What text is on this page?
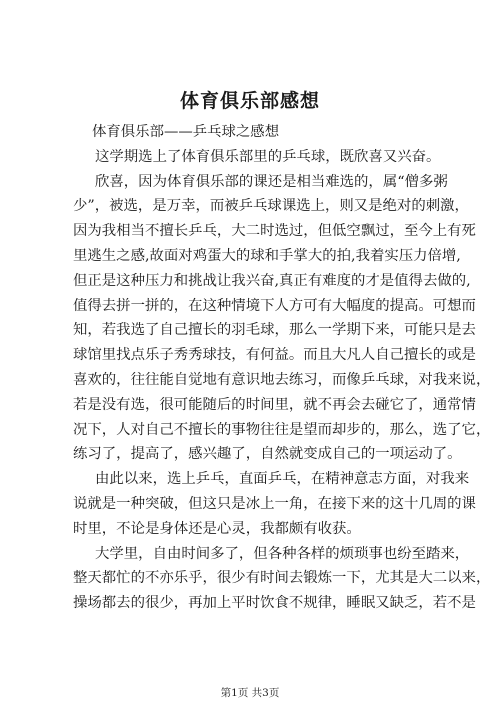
体育俱乐部感想
体育俱乐部——乒乓球之感想
这学期选上了体育俱乐部里的乒乓球，既欣喜又兴奋。
欣喜，因为体育俱乐部的课还是相当难选的，属“僧多粥
少”，被选，是万幸，而被乒乓球课选上，则又是绝对的刺激，
因为我相当不擅长乒乓，大二时选过，但低空飘过，至今上有死
里逃生之感,故面对鸡蛋大的球和手掌大的拍,我着实压力倍增,
但正是这种压力和挑战让我兴奋,真正有难度的才是值得去做的,
值得去拼一拼的，在这种情境下人方可有大幅度的提高。可想而
知，若我选了自己擅长的羽毛球，那么一学期下来，可能只是去
球馆里找点乐子秀秀球技，有何益。而且大凡人自己擅长的或是
喜欢的，往往能自觉地有意识地去练习，而像乒乓球，对我来说，
若是没有选，很可能随后的时间里，就不再会去碰它了，通常情
况下，人对自己不擅长的事物往往是望而却步的，那么，选了它，
练习了，提高了，感兴趣了，自然就变成自己的一项运动了。
由此以来，选上乒乓，直面乒乓，在精神意志方面，对我来
说就是一种突破，但这只是冰上一角，在接下来的这十几周的课
时里，不论是身体还是心灵，我都颇有收获。
大学里，自由时间多了，但各种各样的烦琐事也纷至踏来，
整天都忙的不亦乐乎，很少有时间去锻炼一下，尤其是大二以来，
操场都去的很少，再加上平时饮食不规律，睡眠又缺乏，若不是
第1页 共3页
